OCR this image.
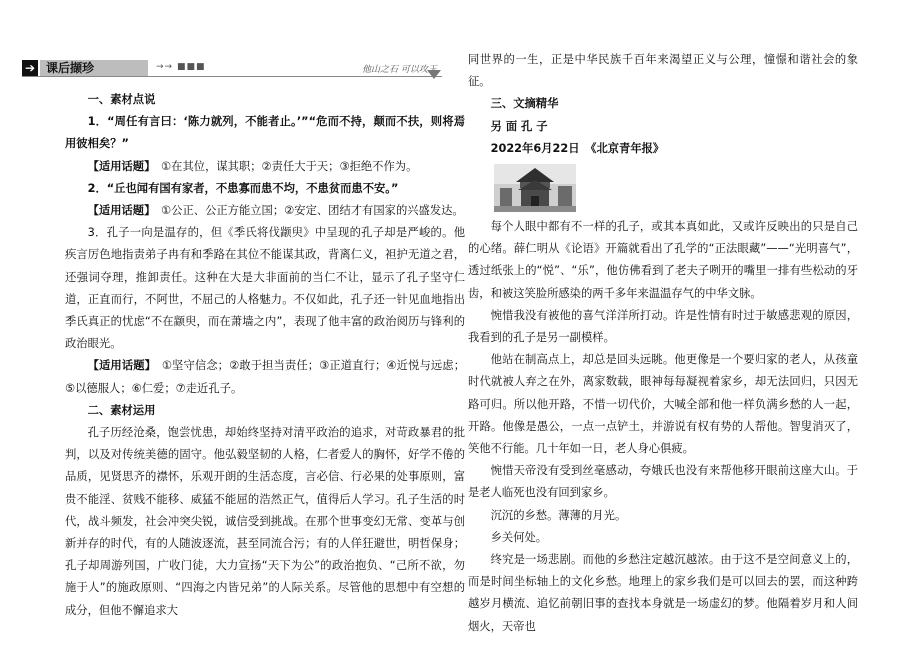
➔ 课后撷珍	→→ ■■■	他山之石 可以攻玉

一、素材点说

1．“周任有言曰：‘陈力就列，不能者止。’”“危而不持，颠而不扶，则将焉用彼相矣？”

【适用话题】　 ①在其位，谋其职；②责任大于天；③拒绝不作为。

2．“丘也闻有国有家者，不患寡而患不均，不患贫而患不安。”

【适用话题】　 ①公正、公正方能立国；②安定、团结才有国家的兴盛发达。

3．孔子一向是温存的，但《季氏将伐颛臾》中呈现的孔子却是严峻的。他疾言厉色地指责弟子冉有和季路在其位不能谋其政，背离仁义，袒护无道之君，还强词夺理，推卸责任。这种在大是大非面前的当仁不让，显示了孔子坚守仁道，正直而行，不阿世，不屈己的人格魅力。不仅如此，孔子还一针见血地指出季氏真正的忧虑“不在颛臾，而在萧墙之内”，表现了他丰富的政治阅历与锋利的政治眼光。

【适用话题】　 ①坚守信念；②敢于担当责任；③正道直行；④近悦与远虑；⑤以德服人；⑥仁爱；⑦走近孔子。

二、素材运用

孔子历经沧桑，饱尝忧患，却始终坚持对清平政治的追求，对苛政暴君的批判，以及对传统美德的固守。他弘毅坚韧的人格，仁者爱人的胸怀，好学不倦的品质，见贤思齐的襟怀，乐观开朗的生活态度，言必信、行必果的处事原则，富贵不能淫、贫贱不能移、威猛不能屈的浩然正气，值得后人学习。孔子生活的时代，战斗频发，社会冲突尖锐，诚信受到挑战。在那个世事变幻无常、变革与创新并存的时代，有的人随波逐流，甚至同流合污；有的人佯狂避世，明哲保身；孔子却周游列国，广收门徒，大力宣扬“天下为公”的政治抱负、“己所不欲，勿施于人”的施政原则、“四海之内皆兄弟”的人际关系。尽管他的思想中有空想的成分，但他不懈追求大

同世界的一生，正是中华民族千百年来渴望正义与公理，憧憬和谐社会的象征。

三、文摘精华

另 面 孔 子

2022年6月22日　《北京青年报》

每个人眼中都有不一样的孔子，或其本真如此，又或许反映出的只是自己的心绪。薛仁明从《论语》开篇就看出了孔学的“正法眼藏”——“光明喜气”，透过纸张上的“悦”、“乐”，他仿佛看到了老夫子咧开的嘴里一排有些松动的牙齿，和被这笑脸所感染的两千多年来温温存气的中华文脉。

惋惜我没有被他的喜气洋洋所打动。许是性情有时过于敏感悲观的原因，我看到的孔子是另一副模样。

他站在制高点上，却总是回头远眺。他更像是一个要归家的老人，从孩童时代就被人弃之在外，离家数载，眼神每每凝视着家乡，却无法回归，只因无路可归。所以他开路，不惜一切代价，大喊全部和他一样负满乡愁的人一起，开路。他像是愚公，一点一点铲土，并游说有权有势的人帮他。智叟消灭了，笑他不行能。几十年如一日，老人身心俱疲。

惋惜天帝没有受到丝毫感动，夸娥氏也没有来帮他移开眼前这座大山。于是老人临死也没有回到家乡。

沉沉的乡愁。薄薄的月光。

乡关何处。

终究是一场悲剧。而他的乡愁注定越沉越浓。由于这不是空间意义上的，而是时间坐标轴上的文化乡愁。地理上的家乡我们是可以回去的罢，而这种跨越岁月横流、追忆前朝旧事的查找本身就是一场虚幻的梦。他隔着岁月和人间烟火，天帝也
